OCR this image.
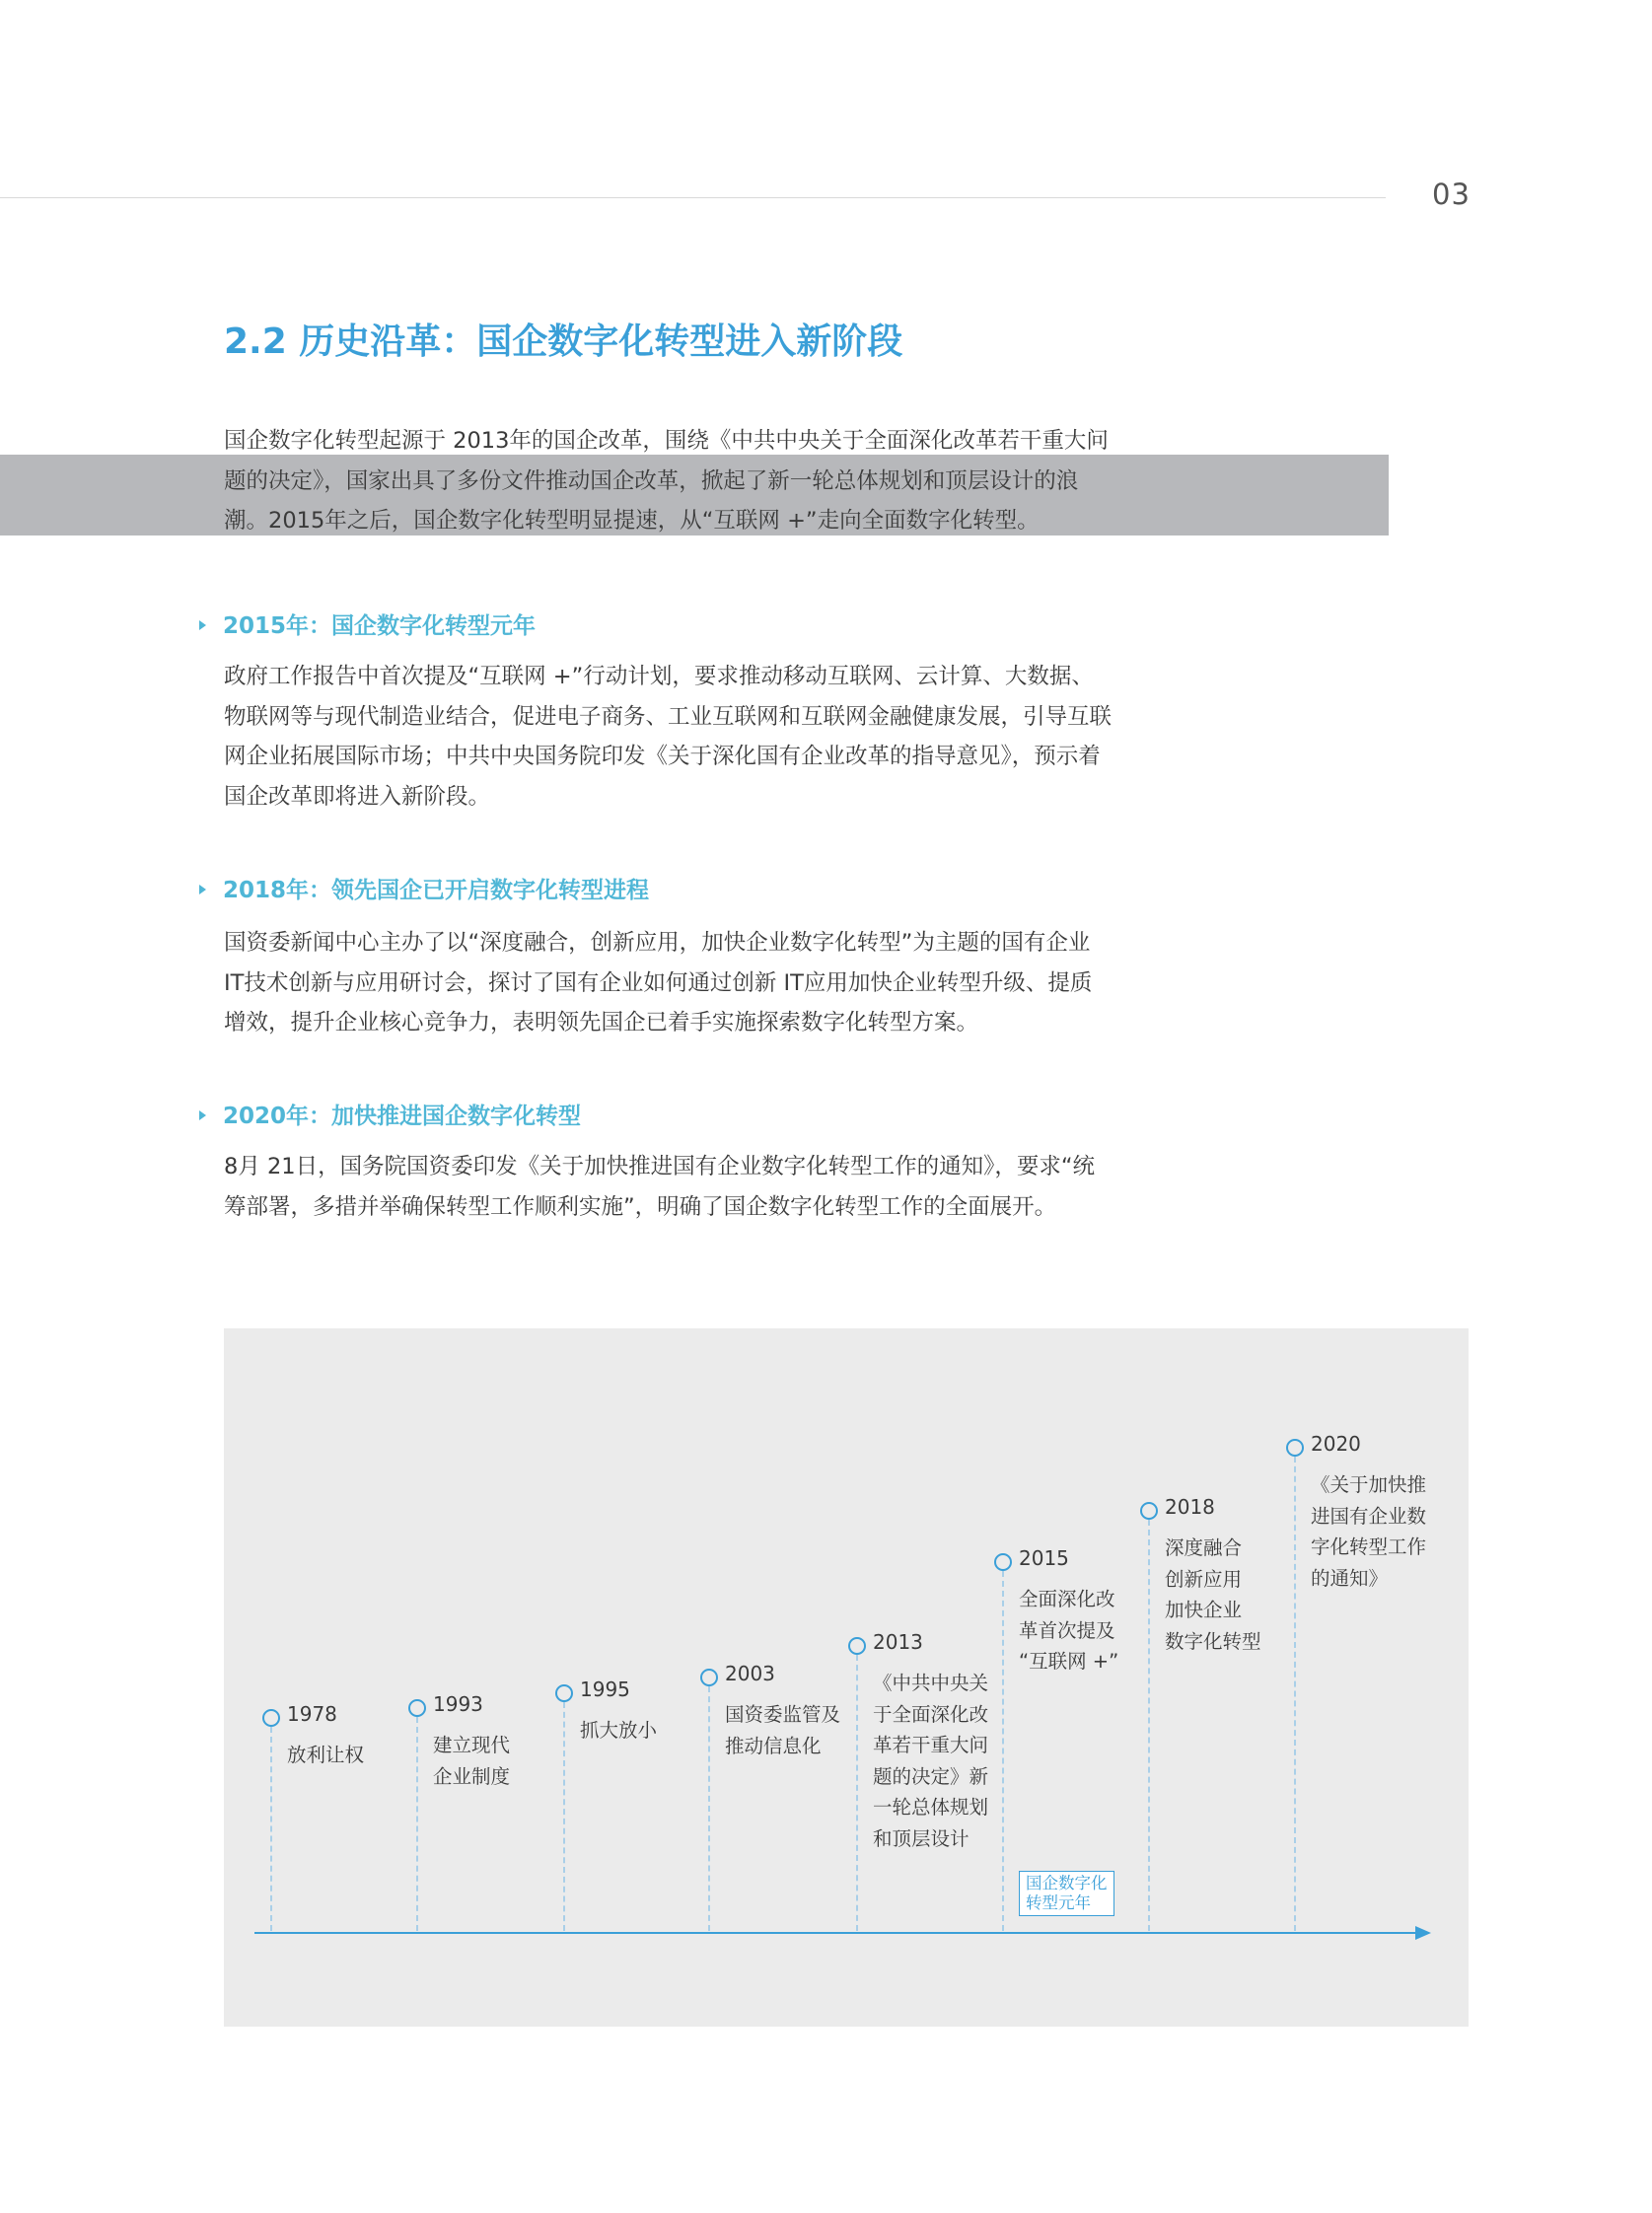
03
2.2 历史沿革：国企数字化转型进入新阶段

国企数字化转型起源于 2013年的国企改革，围绕《中共中央关于全面深化改革若干重大问题的决定》，国家出具了多份文件推动国企改革，掀起了新一轮总体规划和顶层设计的浪潮。2015年之后，国企数字化转型明显提速，从“互联网 +”走向全面数字化转型。

2015年：国企数字化转型元年

政府工作报告中首次提及“互联网 +”行动计划，要求推动移动互联网、云计算、大数据、物联网等与现代制造业结合，促进电子商务、工业互联网和互联网金融健康发展，引导互联网企业拓展国际市场；中共中央国务院印发《关于深化国有企业改革的指导意见》，预示着国企改革即将进入新阶段。

2018年：领先国企已开启数字化转型进程

国资委新闻中心主办了以“深度融合，创新应用，加快企业数字化转型”为主题的国有企业 IT技术创新与应用研讨会，探讨了国有企业如何通过创新 IT应用加快企业转型升级、提质增效，提升企业核心竞争力，表明领先国企已着手实施探索数字化转型方案。

2020年：加快推进国企数字化转型

8月 21日，国务院国资委印发《关于加快推进国有企业数字化转型工作的通知》，要求“统筹部署，多措并举确保转型工作顺利实施”，明确了国企数字化转型工作的全面展开。

1978

放利让权

1993

建立现代
企业制度

1995

抓大放小

2003

国资委监管及
推动信息化

2013

《中共中央关
于全面深化改
革若干重大问
题的决定》新
一轮总体规划
和顶层设计

2015

全面深化改
革首次提及
“互联网 +”

国企数字化
转型元年
2018

深度融合
创新应用
加快企业
数字化转型

2020

《关于加快推
进国有企业数
字化转型工作
的通知》
